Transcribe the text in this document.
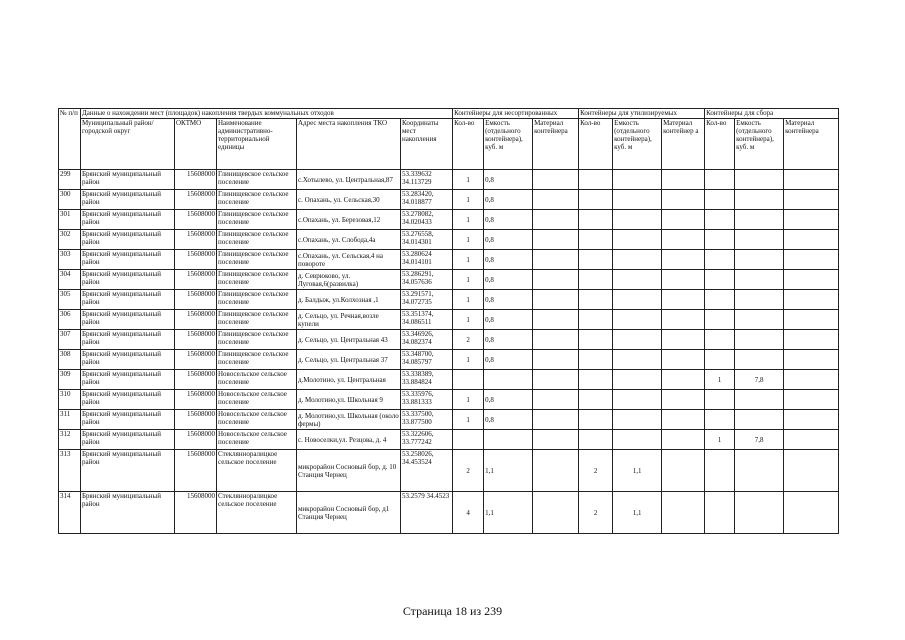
№ п/п	Данные о нахождении мест (площадок) накопления твердых коммунальных отходов					Контейнеры для несортированных			Контейнеры для утилизируемых			Контейнеры для сбора		
	Муниципальный район/городской округ	ОКТМО	Наименование административно-территориальной единицы	Адрес места накопления ТКО	Координаты мест накопления	Кол-во	Емкость (отдельного контейнера), куб. м	Материал контейнера	Кол-во	Емкость (отдельного контейнера), куб. м	Материал контейнер а	Кол-во	Емкость (отдельного контейнера), куб. м	Материал контейнера
299	Брянский муниципальный район	15608000	Глинищевское сельское поселение	с.Хотылево, ул. Центральная,87	53.339632 34.113729	1	0,8							
300	Брянский муниципальный район	15608000	Глинищевское сельское поселение	с. Опахань, ул. Сельская,30	53.283420, 34.018877	1	0,8							
301	Брянский муниципальный район	15608000	Глинищевское сельское поселение	с.Опахань, ул. Березовая,12	53.278082, 34.020433	1	0,8							
302	Брянский муниципальный район	15608000	Глинищевское сельское поселение	с.Опахань, ул. Слобода,4а	53.276558, 34.014301	1	0,8							
303	Брянский муниципальный район	15608000	Глинищевское сельское поселение	с.Опахань, ул. Сельская,4 на повороте	53.280624 34.014101	1	0,8							
304	Брянский муниципальный район	15608000	Глинищевское сельское поселение	д. Севрюково, ул. Луговая,6(развилка)	53.286291, 34.057636	1	0,8							
305	Брянский муниципальный район	15608000	Глинищевское сельское поселение	д. Балдыж, ул.Колхозная ,1	53.291571, 34.072735	1	0,8							
306	Брянский муниципальный район	15608000	Глинищевское сельское поселение	д. Сельцо, ул. Речная,возле купели	53.351374, 34.086511	1	0,8							
307	Брянский муниципальный район	15608000	Глинищевское сельское поселение	д. Сельцо, ул. Центральная 43	53.346926, 34.082374	2	0,8							
308	Брянский муниципальный район	15608000	Глинищевское сельское поселение	д. Сельцо, ул. Центральная 37	53.348700, 34.085797	1	0,8							
309	Брянский муниципальный район	15608000	Новосельское сельское поселение	д.Молотино, ул. Центральная	53.338389, 33.884824							1	7,8	
310	Брянский муниципальный район	15608000	Новосельское сельское поселение	д. Молотино,ул. Школьная 9	53.335976, 33.881333	1	0,8							
311	Брянский муниципальный район	15608000	Новосельское сельское поселение	д. Молотино,ул. Школьная (около фермы)	53.337500, 33.877500	1	0,8							
312	Брянский муниципальный район	15608000	Новосельское сельское поселение	с. Новоселки,ул. Резцова, д. 4	53.322606, 33.777242							1	7,8	
313	Брянский муниципальный район	15608000	Стеклянноралицкое сельское поселение	микрорайон Сосновый бор, д. 10 Станция Чернец	53.258026, 34.453524	2	1,1		2	1,1				
314	Брянский муниципальный район	15608000	Стеклянноралицкое сельское поселение	микрорайон Сосновый бор, д1 Станция Чернец	53.2579 34.4523	4	1,1		2	1,1				
Страница 18 из 239
